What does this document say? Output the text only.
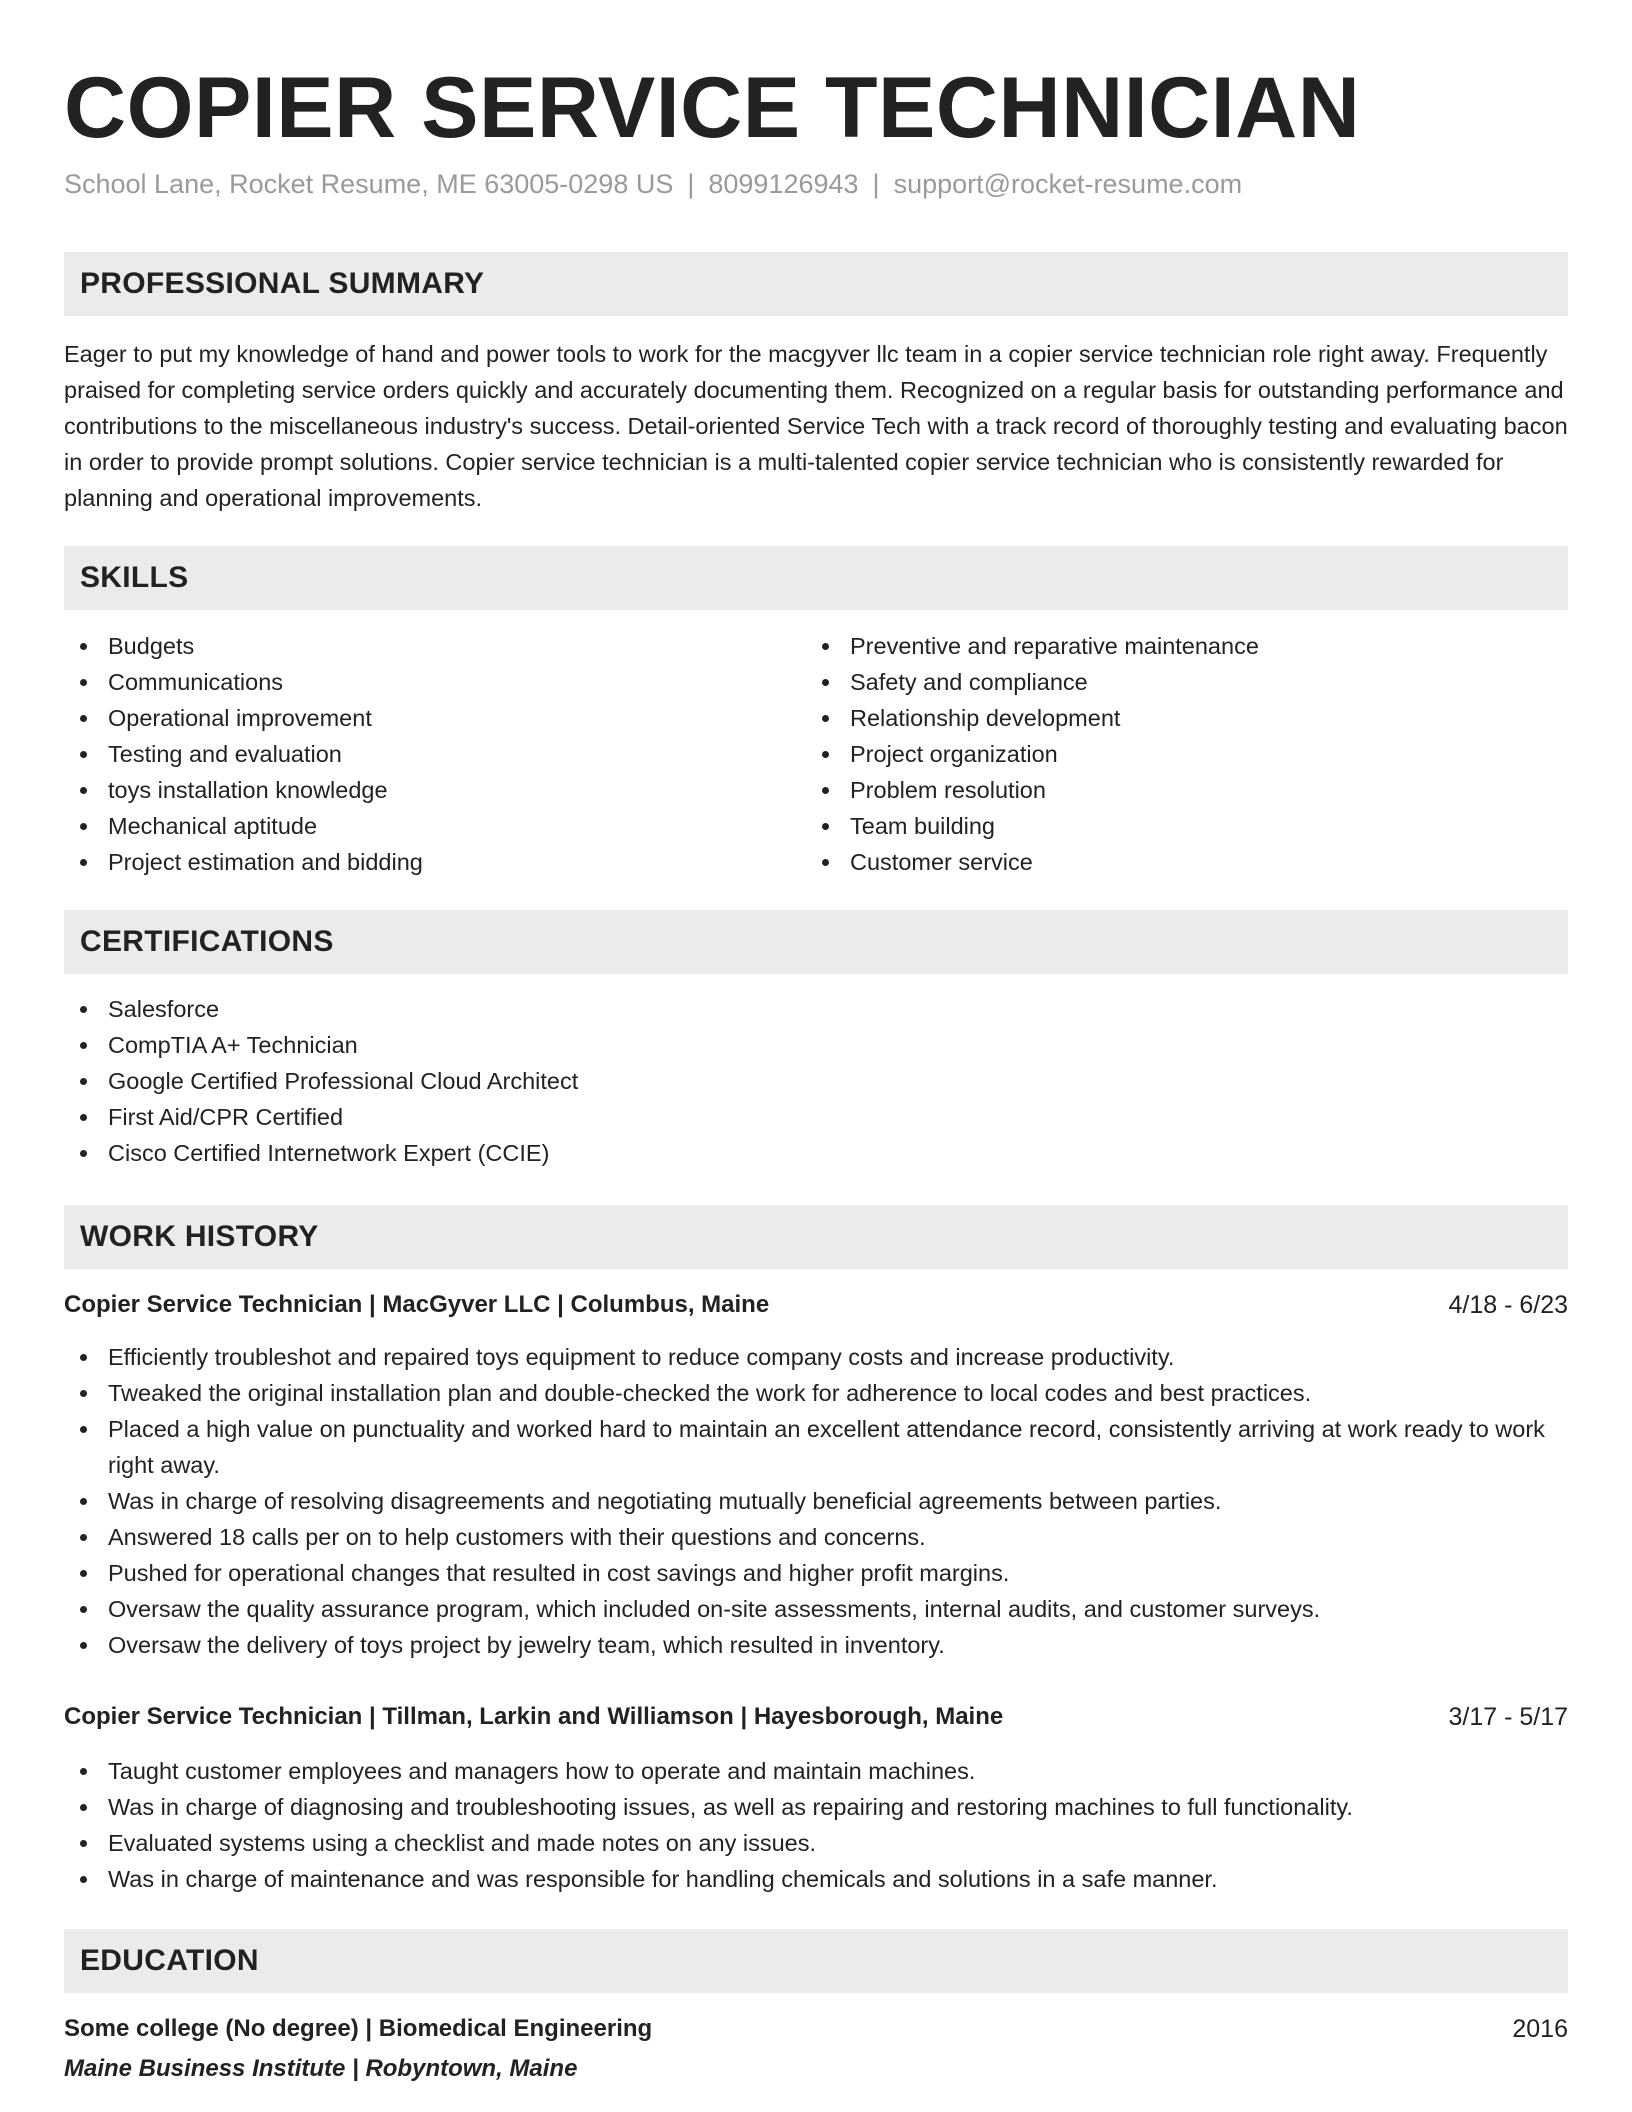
COPIER SERVICE TECHNICIAN
School Lane, Rocket Resume, ME 63005-0298 US | 8099126943 | support@rocket-resume.com
PROFESSIONAL SUMMARY
Eager to put my knowledge of hand and power tools to work for the macgyver llc team in a copier service technician role right away. Frequently praised for completing service orders quickly and accurately documenting them. Recognized on a regular basis for outstanding performance and contributions to the miscellaneous industry's success. Detail-oriented Service Tech with a track record of thoroughly testing and evaluating bacon in order to provide prompt solutions. Copier service technician is a multi-talented copier service technician who is consistently rewarded for planning and operational improvements.
SKILLS
Budgets
Communications
Operational improvement
Testing and evaluation
toys installation knowledge
Mechanical aptitude
Project estimation and bidding
Preventive and reparative maintenance
Safety and compliance
Relationship development
Project organization
Problem resolution
Team building
Customer service
CERTIFICATIONS
Salesforce
CompTIA A+ Technician
Google Certified Professional Cloud Architect
First Aid/CPR Certified
Cisco Certified Internetwork Expert (CCIE)
WORK HISTORY
Copier Service Technician | MacGyver LLC | Columbus, Maine	4/18 - 6/23
Efficiently troubleshot and repaired toys equipment to reduce company costs and increase productivity.
Tweaked the original installation plan and double-checked the work for adherence to local codes and best practices.
Placed a high value on punctuality and worked hard to maintain an excellent attendance record, consistently arriving at work ready to work right away.
Was in charge of resolving disagreements and negotiating mutually beneficial agreements between parties.
Answered 18 calls per on to help customers with their questions and concerns.
Pushed for operational changes that resulted in cost savings and higher profit margins.
Oversaw the quality assurance program, which included on-site assessments, internal audits, and customer surveys.
Oversaw the delivery of toys project by jewelry team, which resulted in inventory.
Copier Service Technician | Tillman, Larkin and Williamson | Hayesborough, Maine	3/17 - 5/17
Taught customer employees and managers how to operate and maintain machines.
Was in charge of diagnosing and troubleshooting issues, as well as repairing and restoring machines to full functionality.
Evaluated systems using a checklist and made notes on any issues.
Was in charge of maintenance and was responsible for handling chemicals and solutions in a safe manner.
EDUCATION
Some college (No degree) | Biomedical Engineering	2016
Maine Business Institute | Robyntown, Maine
